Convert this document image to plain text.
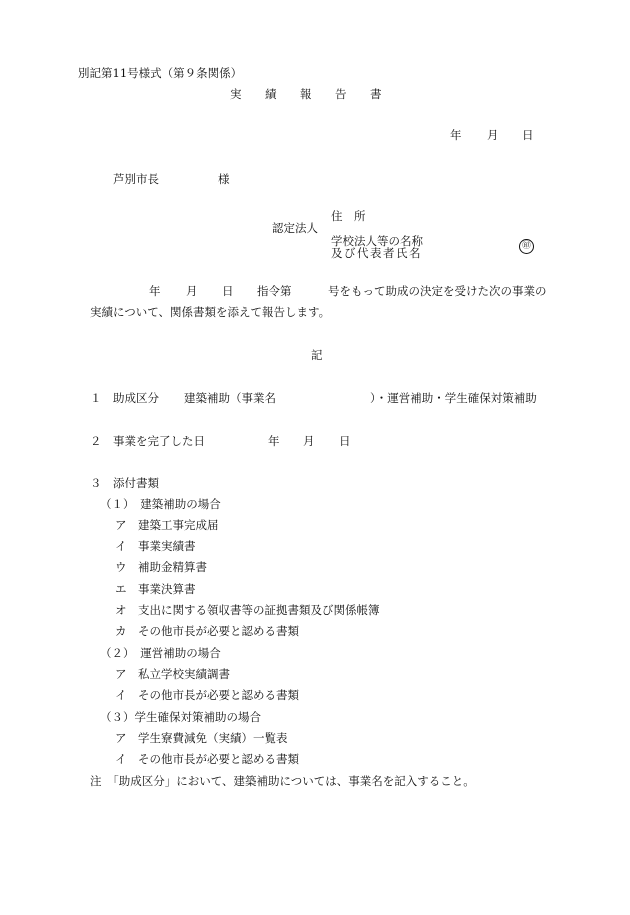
別記第11号様式（第９条関係）
実　績　報　告　書
年 月 日
芦別市長	様
住　所
認定法人
学校法人等の名称
及び代表者氏名	㊞
年 月 日 指令第	号をもって助成の決定を受けた次の事業の
実績について、関係書類を添えて報告します。
記
１ 助成区分 建築補助（事業名	）・運営補助・学生確保対策補助
２ 事業を完了した日	年 月 日
３ 添付書類
（１）　建築補助の場合
ア　建築工事完成届
イ　事業実績書
ウ　補助金精算書
エ　事業決算書
オ　支出に関する領収書等の証拠書類及び関係帳簿
カ　その他市長が必要と認める書類
（２）　運営補助の場合
ア　私立学校実績調書
イ　その他市長が必要と認める書類
（３）学生確保対策補助の場合
ア　学生寮費減免（実績）一覧表
イ　その他市長が必要と認める書類
注　「助成区分」において、建築補助については、事業名を記入すること。
